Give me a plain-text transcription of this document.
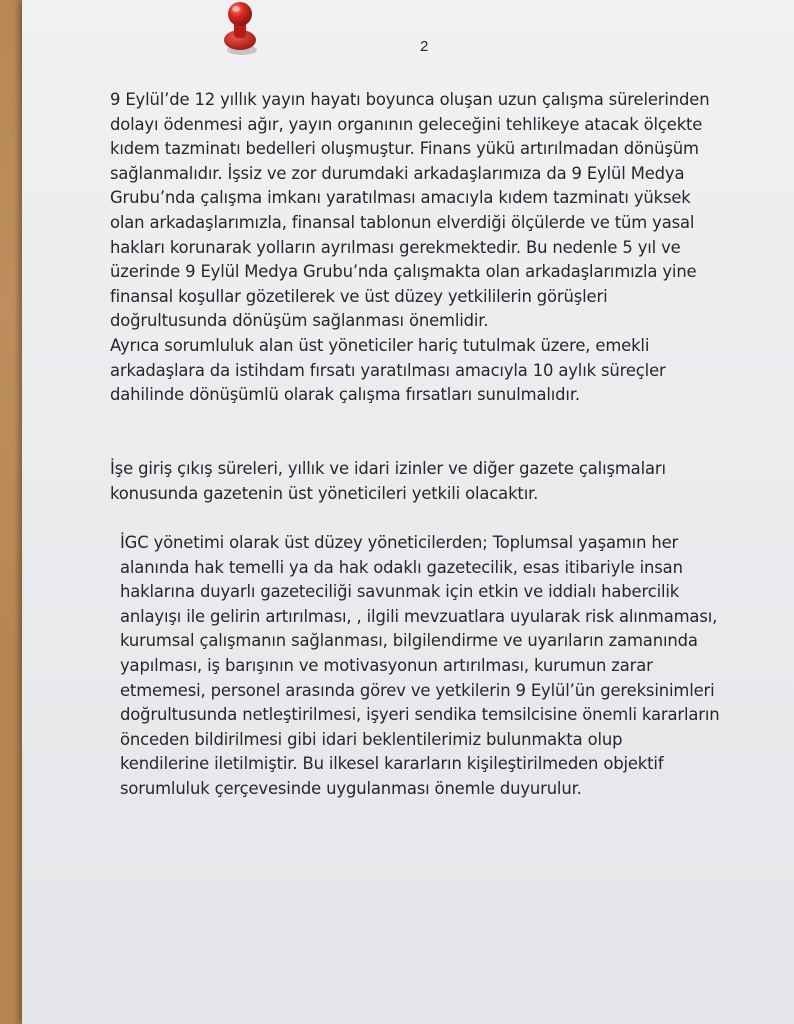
2
9 Eylül’de 12 yıllık yayın hayatı boyunca oluşan uzun çalışma sürelerinden
dolayı ödenmesi ağır, yayın organının geleceğini tehlikeye atacak ölçekte
kıdem tazminatı bedelleri oluşmuştur. Finans yükü artırılmadan dönüşüm
sağlanmalıdır. İşsiz ve zor durumdaki arkadaşlarımıza da 9 Eylül Medya
Grubu’nda çalışma imkanı yaratılması amacıyla kıdem tazminatı yüksek
olan arkadaşlarımızla, finansal tablonun elverdiği ölçülerde ve tüm yasal
hakları korunarak yolların ayrılması gerekmektedir. Bu nedenle 5 yıl ve
üzerinde 9 Eylül Medya Grubu’nda çalışmakta olan arkadaşlarımızla yine
finansal koşullar gözetilerek ve üst düzey yetkililerin görüşleri
doğrultusunda dönüşüm sağlanması önemlidir.
Ayrıca sorumluluk alan üst yöneticiler hariç tutulmak üzere, emekli
arkadaşlara da istihdam fırsatı yaratılması amacıyla 10 aylık süreçler
dahilinde dönüşümlü olarak çalışma fırsatları sunulmalıdır.
İşe giriş çıkış süreleri, yıllık ve idari izinler ve diğer gazete çalışmaları
konusunda gazetenin üst yöneticileri yetkili olacaktır.
İGC yönetimi olarak üst düzey yöneticilerden; Toplumsal yaşamın her
alanında hak temelli ya da hak odaklı gazetecilik, esas itibariyle insan
haklarına duyarlı gazeteciliği savunmak için etkin ve iddialı habercilik
anlayışı ile gelirin artırılması, , ilgili mevzuatlara uyularak risk alınmaması,
kurumsal çalışmanın sağlanması, bilgilendirme ve uyarıların zamanında
yapılması, iş barışının ve motivasyonun artırılması, kurumun zarar
etmemesi, personel arasında görev ve yetkilerin 9 Eylül’ün gereksinimleri
doğrultusunda netleştirilmesi, işyeri sendika temsilcisine önemli kararların
önceden bildirilmesi gibi idari beklentilerimiz bulunmakta olup
kendilerine iletilmiştir. Bu ilkesel kararların kişileştirilmeden objektif
sorumluluk çerçevesinde uygulanması önemle duyurulur.
